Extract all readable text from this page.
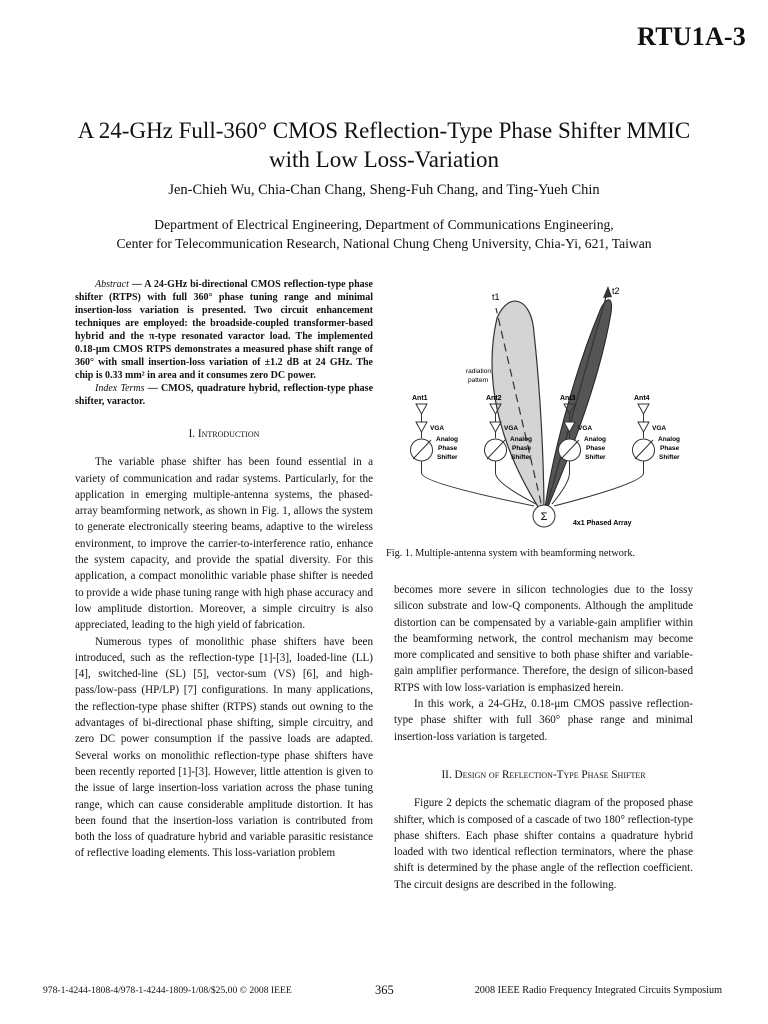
RTU1A-3
A 24-GHz Full-360° CMOS Reflection-Type Phase Shifter MMIC
with Low Loss-Variation
Jen-Chieh Wu, Chia-Chan Chang, Sheng-Fuh Chang, and Ting-Yueh Chin
Department of Electrical Engineering, Department of Communications Engineering,
Center for Telecommunication Research, National Chung Cheng University, Chia-Yi, 621, Taiwan

Abstract — A 24-GHz bi-directional CMOS reflection-type phase shifter (RTPS) with full 360° phase tuning range and minimal insertion-loss variation is presented. Two circuit enhancement techniques are employed: the broadside-coupled transformer-based hybrid and the π-type resonated varactor load. The implemented 0.18-μm CMOS RTPS demonstrates a measured phase shift range of 360° with small insertion-loss variation of ±1.2 dB at 24 GHz. The chip is 0.33 mm² in area and it consumes zero DC power.

Index Terms — CMOS, quadrature hybrid, reflection-type phase shifter, varactor.

I. Introduction

The variable phase shifter has been found essential in a variety of communication and radar systems. Particularly, for the application in emerging multiple-antenna systems, the phased-array beamforming network, as shown in Fig. 1, allows the system to generate electronically steering beams, adaptive to the wireless environment, to improve the carrier-to-interference ratio, enhance the system capacity, and provide the spatial diversity. For this application, a compact monolithic variable phase shifter is needed to provide a wide phase tuning range with high phase accuracy and low amplitude distortion. Moreover, a simple circuitry is also appreciated, leading to the high yield of fabrication.

Numerous types of monolithic phase shifters have been introduced, such as the reflection-type [1]-[3], loaded-line (LL) [4], switched-line (SL) [5], vector-sum (VS) [6], and high-pass/low-pass (HP/LP) [7] configurations. In many applications, the reflection-type phase shifter (RTPS) stands out owning to the advantages of bi-directional phase shifting, simple circuitry, and zero DC power consumption if the passive loads are adapted. Several works on monolithic reflection-type phase shifters have been recently reported [1]-[3]. However, little attention is given to the issue of large insertion-loss variation across the phase tuning range, which can cause considerable amplitude distortion. It has been found that the insertion-loss variation is contributed from both the loss of quadrature hybrid and variable parasitic resistance of reflective loading elements. This loss-variation problem

t1
t2
radiation
pattern
Ant1
VGA
Analog
Phase
Shifter
Ant2
VGA
Analog
Phase
Shifter
Ant3
VGA
Analog
Phase
Shifter
Ant4
VGA
Analog
Phase
Shifter
Σ
4x1 Phased Array
Fig. 1. Multiple-antenna system with beamforming network.

becomes more severe in silicon technologies due to the lossy silicon substrate and low-Q components. Although the amplitude distortion can be compensated by a variable-gain amplifier within the beamforming network, the control mechanism may become more complicated and sensitive to both phase shifter and variable-gain amplifier performance. Therefore, the design of silicon-based RTPS with low loss-variation is emphasized herein.

In this work, a 24-GHz, 0.18-μm CMOS passive reflection-type phase shifter with full 360° phase range and minimal insertion-loss variation is targeted.

II. Design of Reflection-Type Phase Shifter

Figure 2 depicts the schematic diagram of the proposed phase shifter, which is composed of a cascade of two 180° reflection-type phase shifters. Each phase shifter contains a quadrature hybrid loaded with two identical reflection terminators, where the phase shift is determined by the phase angle of the reflection coefficient. The circuit designs are described in the following.

978-1-4244-1808-4/978-1-4244-1809-1/08/$25.00 © 2008 IEEE	365	2008 IEEE Radio Frequency Integrated Circuits Symposium
